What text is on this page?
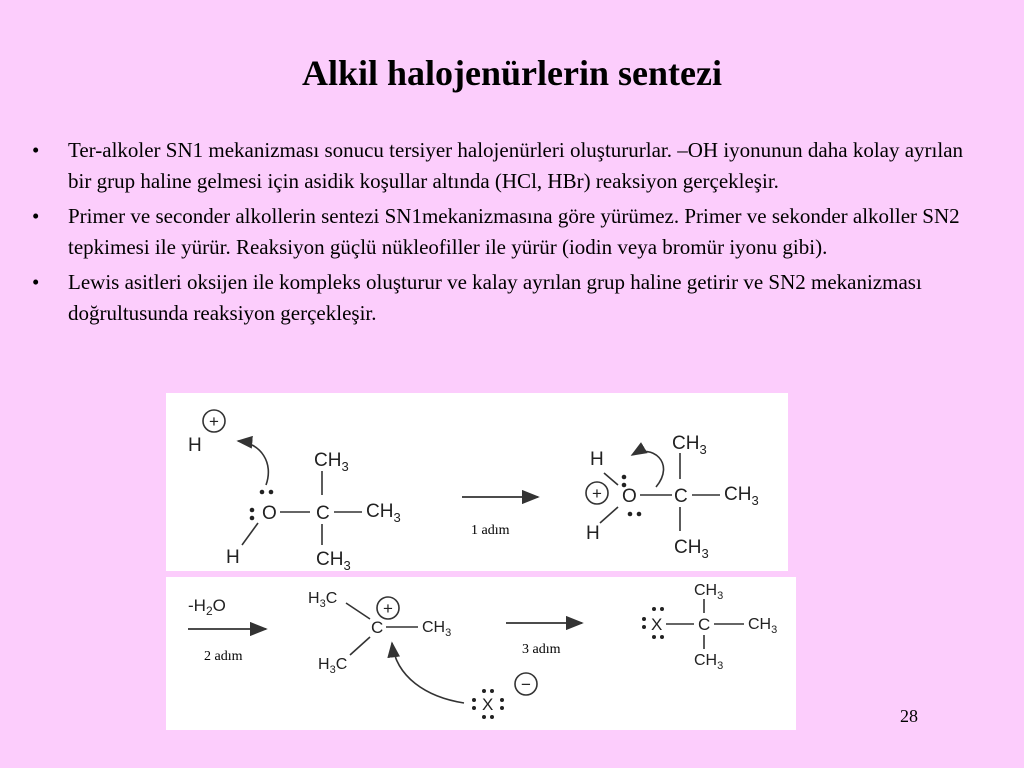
Alkil halojenürlerin sentezi
• Ter-alkoler SN1 mekanizması sonucu tersiyer halojenürleri oluştururlar. –OH iyonunun daha kolay ayrılan bir grup haline gelmesi için asidik koşullar altında (HCl, HBr) reaksiyon gerçekleşir.
• Primer ve seconder alkollerin sentezi SN1mekanizmasına göre yürümez. Primer ve sekonder alkoller SN2 tepkimesi ile yürür. Reaksiyon güçlü nükleofiller ile yürür (iodin veya bromür iyonu gibi).
• Lewis asitleri oksijen ile kompleks oluşturur ve kalay ayrılan grup haline getirir ve SN2 mekanizması doğrultusunda reaksiyon gerçekleşir.
+
H
O
H
C
$CH_3$
$CH_3$
$CH_3$
1 adım
H
+ O
H
C
$CH_3$
$CH_3$
$CH_3$
$-H_2O$
2 adım
$H_3C$
+
C $CH_3$
$H_3C$
X
−
3 adım
X C
$CH_3$
$CH_3$
$CH_3$
28
